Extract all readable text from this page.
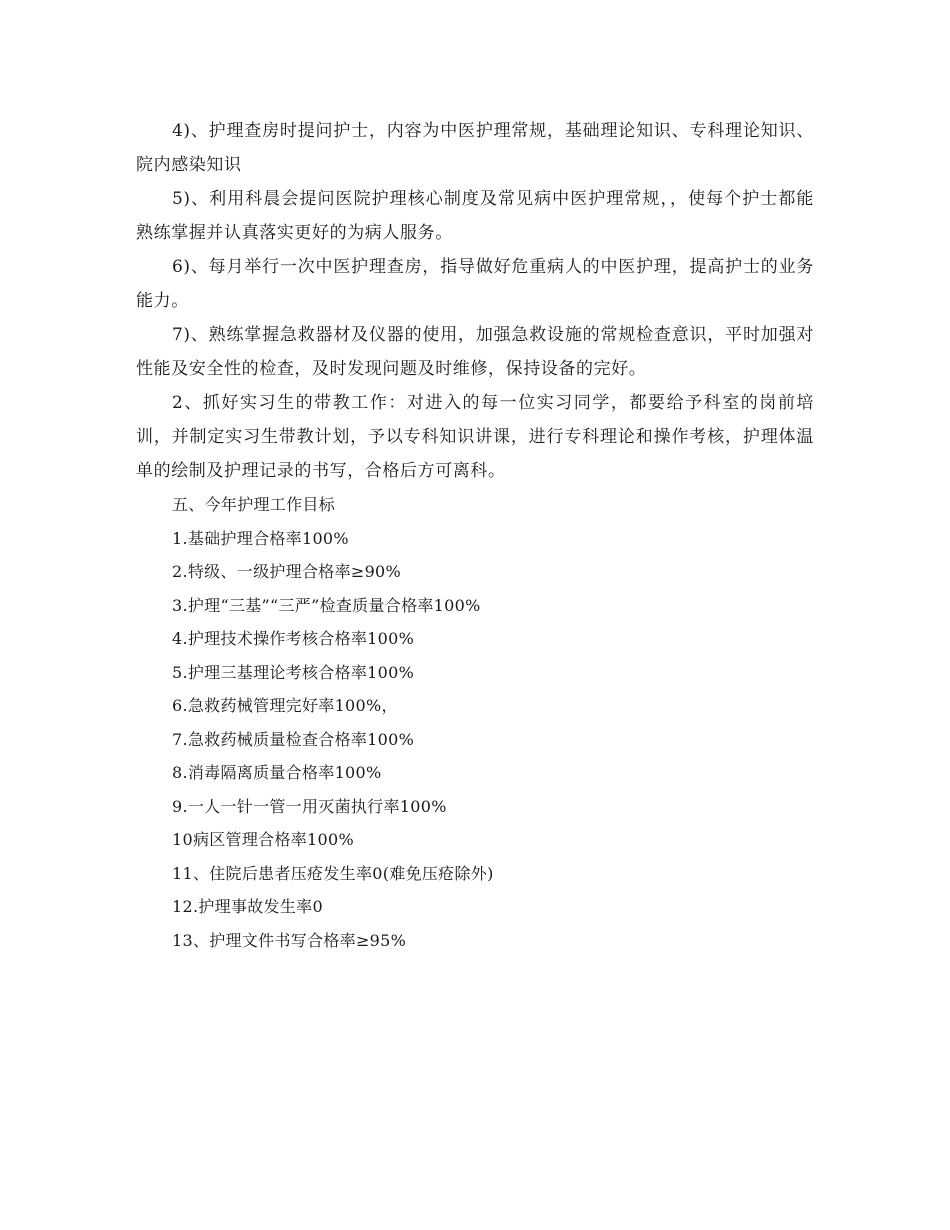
4)、护理查房时提问护士，内容为中医护理常规，基础理论知识、专科理论知识、院内感染知识

5)、利用科晨会提问医院护理核心制度及常见病中医护理常规，，使每个护士都能熟练掌握并认真落实更好的为病人服务。

6)、每月举行一次中医护理查房，指导做好危重病人的中医护理，提高护士的业务能力。

7)、熟练掌握急救器材及仪器的使用，加强急救设施的常规检查意识，平时加强对性能及安全性的检查，及时发现问题及时维修，保持设备的完好。

2、抓好实习生的带教工作：对进入的每一位实习同学，都要给予科室的岗前培训，并制定实习生带教计划，予以专科知识讲课，进行专科理论和操作考核，护理体温单的绘制及护理记录的书写，合格后方可离科。

五、今年护理工作目标

1.基础护理合格率100%

2.特级、一级护理合格率≥90%

3.护理“三基”“三严”检查质量合格率100%

4.护理技术操作考核合格率100%

5.护理三基理论考核合格率100%

6.急救药械管理完好率100%，

7.急救药械质量检查合格率100%

8.消毒隔离质量合格率100%

9.一人一针一管一用灭菌执行率100%

10病区管理合格率100%

11、住院后患者压疮发生率0(难免压疮除外)

12.护理事故发生率0

13、护理文件书写合格率≥95%
